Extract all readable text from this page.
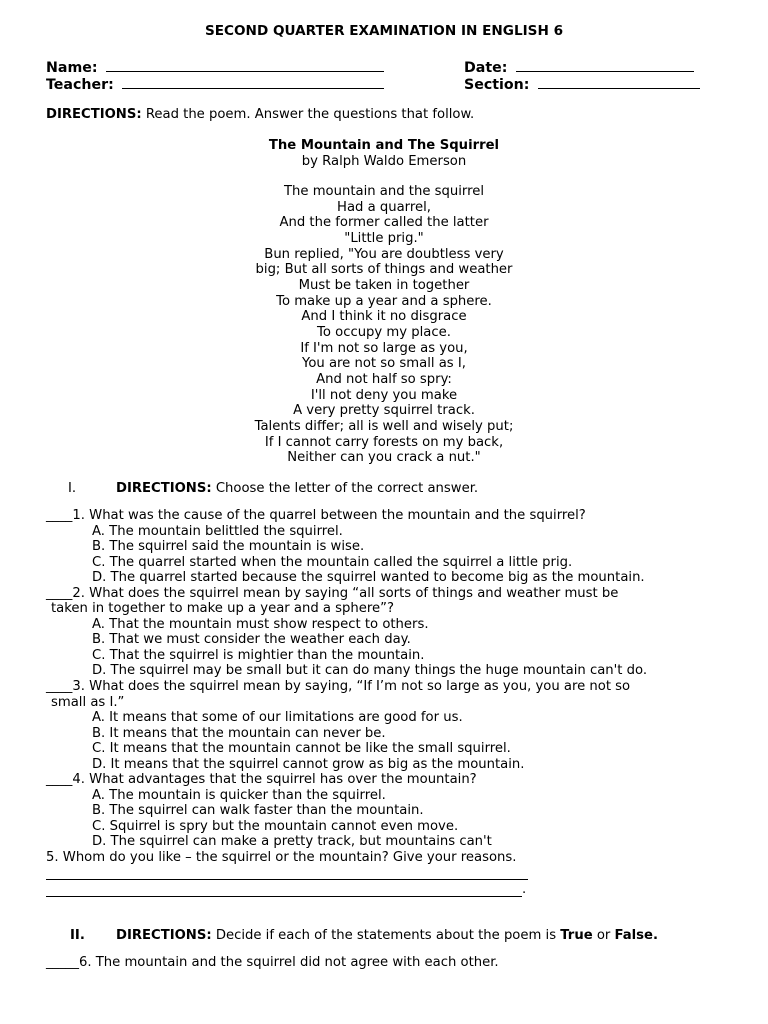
SECOND QUARTER EXAMINATION IN ENGLISH 6
Name:	Date:
Teacher:	Section:
DIRECTIONS: Read the poem. Answer the questions that follow.
The Mountain and The Squirrel
by Ralph Waldo Emerson
The mountain and the squirrel
Had a quarrel,
And the former called the latter
"Little prig."
Bun replied, "You are doubtless very
big; But all sorts of things and weather
Must be taken in together
To make up a year and a sphere.
And I think it no disgrace
To occupy my place.
If I'm not so large as you,
You are not so small as I,
And not half so spry:
I'll not deny you make
A very pretty squirrel track.
Talents differ; all is well and wisely put;
If I cannot carry forests on my back,
Neither can you crack a nut."
I.	DIRECTIONS: Choose the letter of the correct answer.
____1. What was the cause of the quarrel between the mountain and the squirrel?
A. The mountain belittled the squirrel.
B. The squirrel said the mountain is wise.
C. The quarrel started when the mountain called the squirrel a little prig.
D. The quarrel started because the squirrel wanted to become big as the mountain.
____2. What does the squirrel mean by saying “all sorts of things and weather must be
taken in together to make up a year and a sphere”?
A. That the mountain must show respect to others.
B. That we must consider the weather each day.
C. That the squirrel is mightier than the mountain.
D. The squirrel may be small but it can do many things the huge mountain can't do.
____3. What does the squirrel mean by saying, “If I’m not so large as you, you are not so
small as I.”
A. It means that some of our limitations are good for us.
B. It means that the mountain can never be.
C. It means that the mountain cannot be like the small squirrel.
D. It means that the squirrel cannot grow as big as the mountain.
____4. What advantages that the squirrel has over the mountain?
A. The mountain is quicker than the squirrel.
B. The squirrel can walk faster than the mountain.
C. Squirrel is spry but the mountain cannot even move.
D. The squirrel can make a pretty track, but mountains can't
5. Whom do you like – the squirrel or the mountain? Give your reasons.
.
II. DIRECTIONS: Decide if each of the statements about the poem is True or False.
_____6. The mountain and the squirrel did not agree with each other.
